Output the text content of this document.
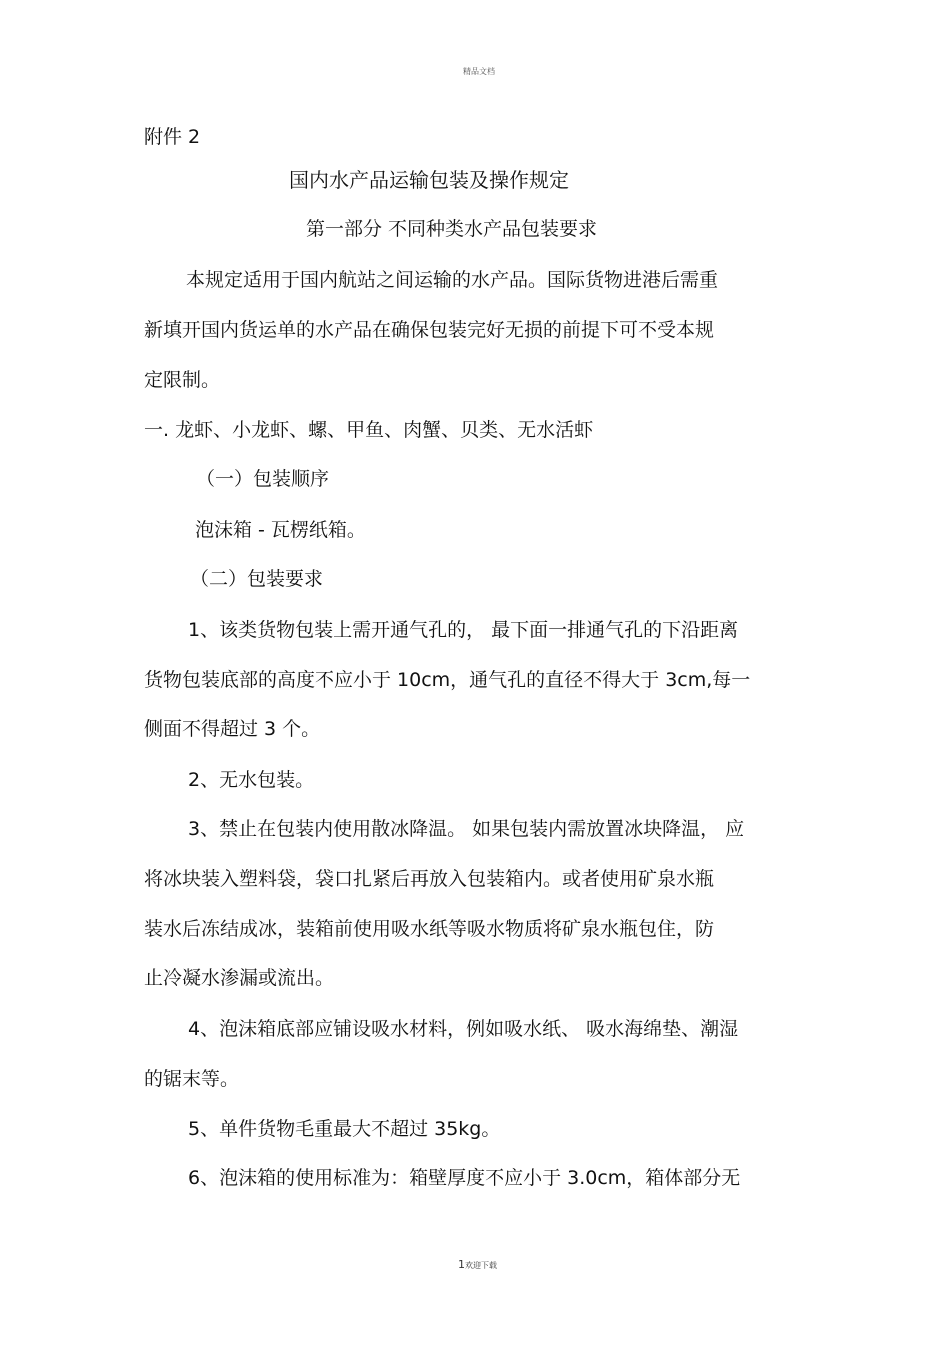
精品文档
附件 2
国内水产品运输包装及操作规定
第一部分 不同种类水产品包装要求
本规定适用于国内航站之间运输的水产品。国际货物进港后需重
新填开国内货运单的水产品在确保包装完好无损的前提下可不受本规
定限制。
一. 龙虾、小龙虾、螺、甲鱼、肉蟹、贝类、无水活虾
（一）包装顺序
泡沫箱 - 瓦楞纸箱。
（二）包装要求
1、该类货物包装上需开通气孔的， 最下面一排通气孔的下沿距离
货物包装底部的高度不应小于 10cm，通气孔的直径不得大于 3cm,每一
侧面不得超过 3 个。
2、无水包装。
3、禁止在包装内使用散冰降温。 如果包装内需放置冰块降温， 应
将冰块装入塑料袋，袋口扎紧后再放入包装箱内。或者使用矿泉水瓶
装水后冻结成冰，装箱前使用吸水纸等吸水物质将矿泉水瓶包住，防
止冷凝水渗漏或流出。
4、泡沫箱底部应铺设吸水材料，例如吸水纸、 吸水海绵垫、潮湿
的锯末等。
5、单件货物毛重最大不超过 35kg。
6、泡沫箱的使用标准为：箱壁厚度不应小于 3.0cm，箱体部分无
1欢迎下载
